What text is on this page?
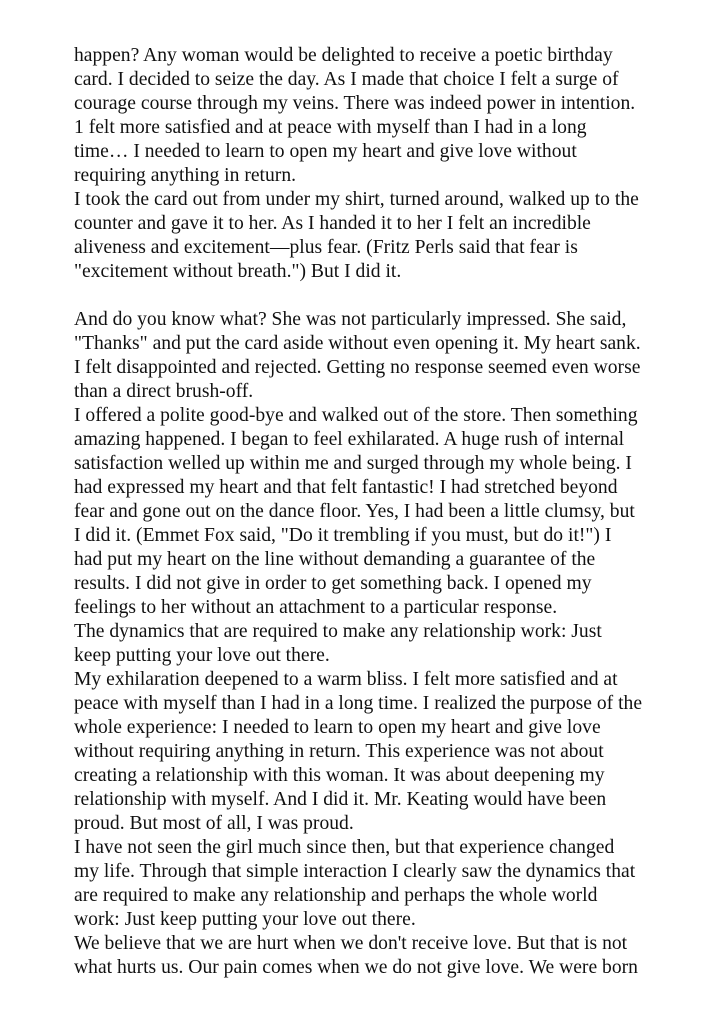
happen? Any woman would be delighted to receive a poetic birthday
card. I decided to seize the day. As I made that choice I felt a surge of
courage course through my veins. There was indeed power in intention.
1 felt more satisfied and at peace with myself than I had in a long
time… I needed to learn to open my heart and give love without
requiring anything in return.
I took the card out from under my shirt, turned around, walked up to the
counter and gave it to her. As I handed it to her I felt an incredible
aliveness and excitement—plus fear. (Fritz Perls said that fear is
"excitement without breath.") But I did it.
And do you know what? She was not particularly impressed. She said,
"Thanks" and put the card aside without even opening it. My heart sank.
I felt disappointed and rejected. Getting no response seemed even worse
than a direct brush-off.
I offered a polite good-bye and walked out of the store. Then something
amazing happened. I began to feel exhilarated. A huge rush of internal
satisfaction welled up within me and surged through my whole being. I
had expressed my heart and that felt fantastic! I had stretched beyond
fear and gone out on the dance floor. Yes, I had been a little clumsy, but
I did it. (Emmet Fox said, "Do it trembling if you must, but do it!") I
had put my heart on the line without demanding a guarantee of the
results. I did not give in order to get something back. I opened my
feelings to her without an attachment to a particular response.
The dynamics that are required to make any relationship work: Just
keep putting your love out there.
My exhilaration deepened to a warm bliss. I felt more satisfied and at
peace with myself than I had in a long time. I realized the purpose of the
whole experience: I needed to learn to open my heart and give love
without requiring anything in return. This experience was not about
creating a relationship with this woman. It was about deepening my
relationship with myself. And I did it. Mr. Keating would have been
proud. But most of all, I was proud.
I have not seen the girl much since then, but that experience changed
my life. Through that simple interaction I clearly saw the dynamics that
are required to make any relationship and perhaps the whole world
work: Just keep putting your love out there.
We believe that we are hurt when we don't receive love. But that is not
what hurts us. Our pain comes when we do not give love. We were born
